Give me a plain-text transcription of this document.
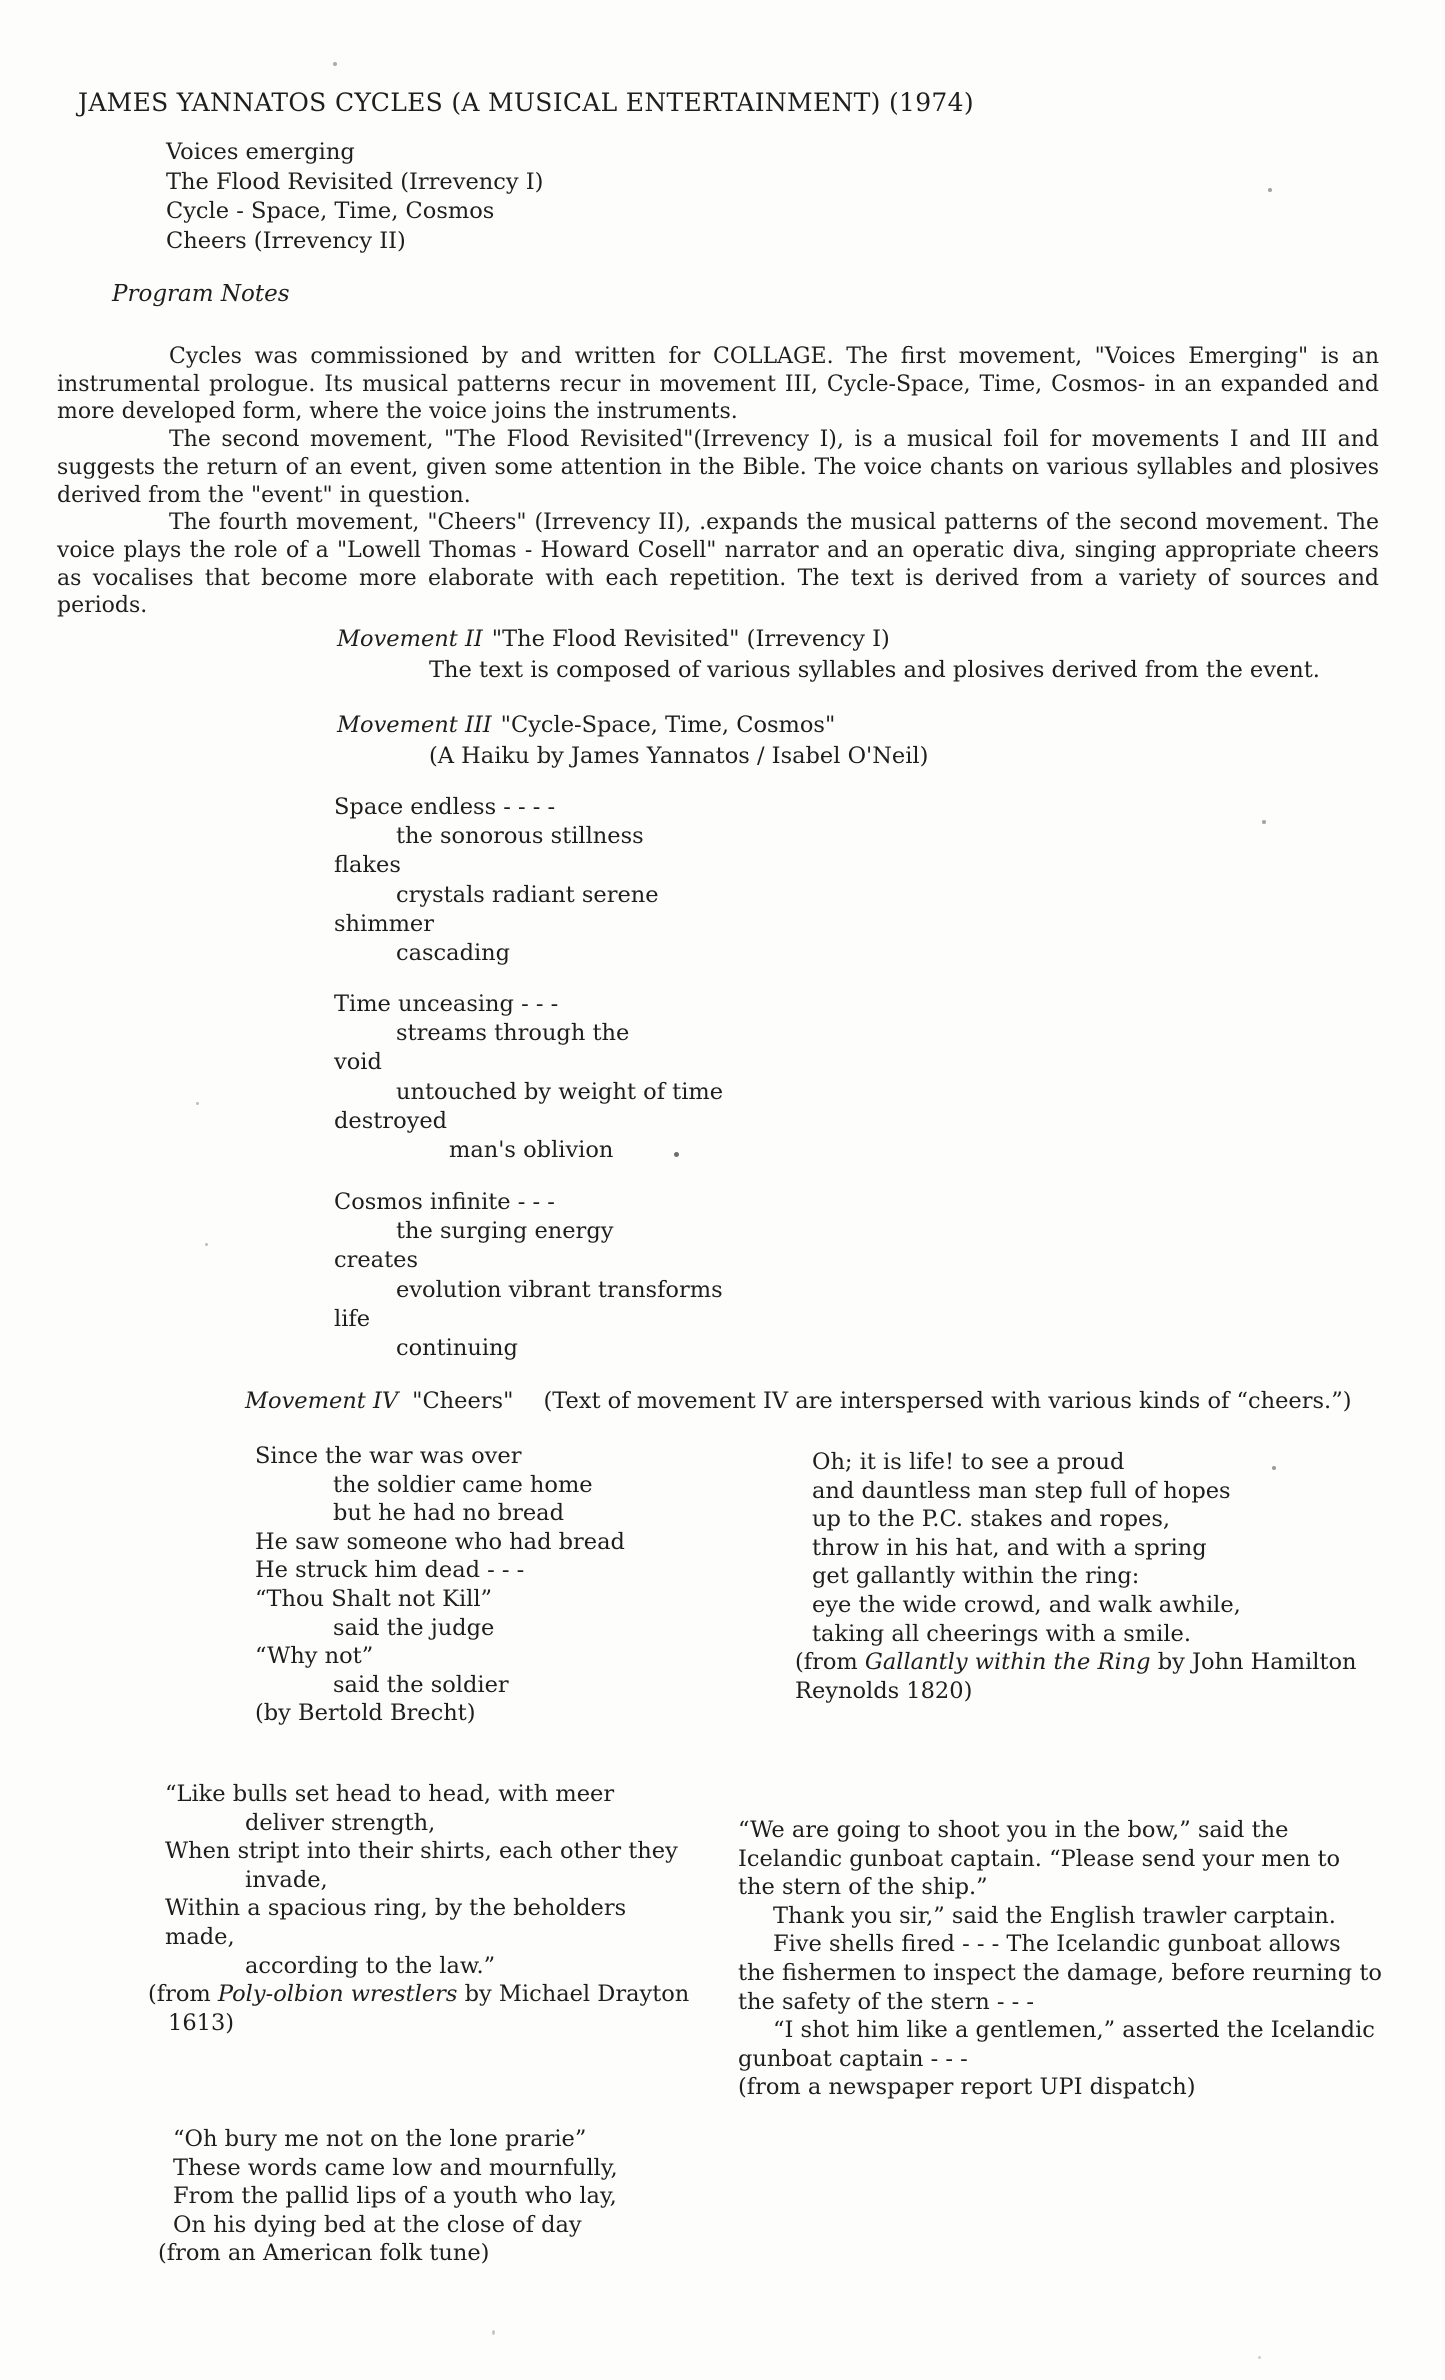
JAMES YANNATOS CYCLES (A MUSICAL ENTERTAINMENT) (1974)
Voices emerging
The Flood Revisited (Irrevency I)
Cycle - Space, Time, Cosmos
Cheers (Irrevency II)
Program Notes

Cycles was commissioned by and written for COLLAGE. The first movement, "Voices Emerging" is an instrumental prologue. Its musical patterns recur in movement III, Cycle-Space, Time, Cosmos- in an expanded and more developed form, where the voice joins the instruments.

The second movement, "The Flood Revisited"(Irrevency I), is a musical foil for movements I and III and suggests the return of an event, given some attention in the Bible. The voice chants on various syllables and plosives derived from the "event" in question.

The fourth movement, "Cheers" (Irrevency II), .expands the musical patterns of the second movement. The voice plays the role of a "Lowell Thomas - Howard Cosell" narrator and an operatic diva, singing appropriate cheers as vocalises that become more elaborate with each repetition. The text is derived from a variety of sources and periods.

Movement II "The Flood Revisited" (Irrevency I)
The text is composed of various syllables and plosives derived from the event.
Movement III "Cycle-Space, Time, Cosmos"
(A Haiku by James Yannatos / Isabel O'Neil)
Space endless - - - -
the sonorous stillness
flakes
crystals radiant serene
shimmer
cascading
Time unceasing - - -
streams through the
void
untouched by weight of time
destroyed
man's oblivion
Cosmos infinite - - -
the surging energy
creates
evolution vibrant transforms
life
continuing
Movement IV "Cheers" (Text of movement IV are interspersed with various kinds of “cheers.”)
Since the war was over
the soldier came home
but he had no bread
He saw someone who had bread
He struck him dead - - -
“Thou Shalt not Kill”
said the judge
“Why not”
said the soldier
(by Bertold Brecht)
Oh; it is life! to see a proud
and dauntless man step full of hopes
up to the P.C. stakes and ropes,
throw in his hat, and with a spring
get gallantly within the ring:
eye the wide crowd, and walk awhile,
taking all cheerings with a smile.
(from Gallantly within the Ring by John Hamilton
Reynolds 1820)
“Like bulls set head to head, with meer
deliver strength,
When stript into their shirts, each other they
invade,
Within a spacious ring, by the beholders
made,
according to the law.”
(from Poly-olbion wrestlers by Michael Drayton
1613)
“We are going to shoot you in the bow,” said the
Icelandic gunboat captain. “Please send your men to
the stern of the ship.”
Thank you sir,” said the English trawler carptain.
Five shells fired - - - The Icelandic gunboat allows
the fishermen to inspect the damage, before reurning to
the safety of the stern - - -
“I shot him like a gentlemen,” asserted the Icelandic
gunboat captain - - -
(from a newspaper report UPI dispatch)
“Oh bury me not on the lone prarie”
These words came low and mournfully,
From the pallid lips of a youth who lay,
On his dying bed at the close of day
(from an American folk tune)
